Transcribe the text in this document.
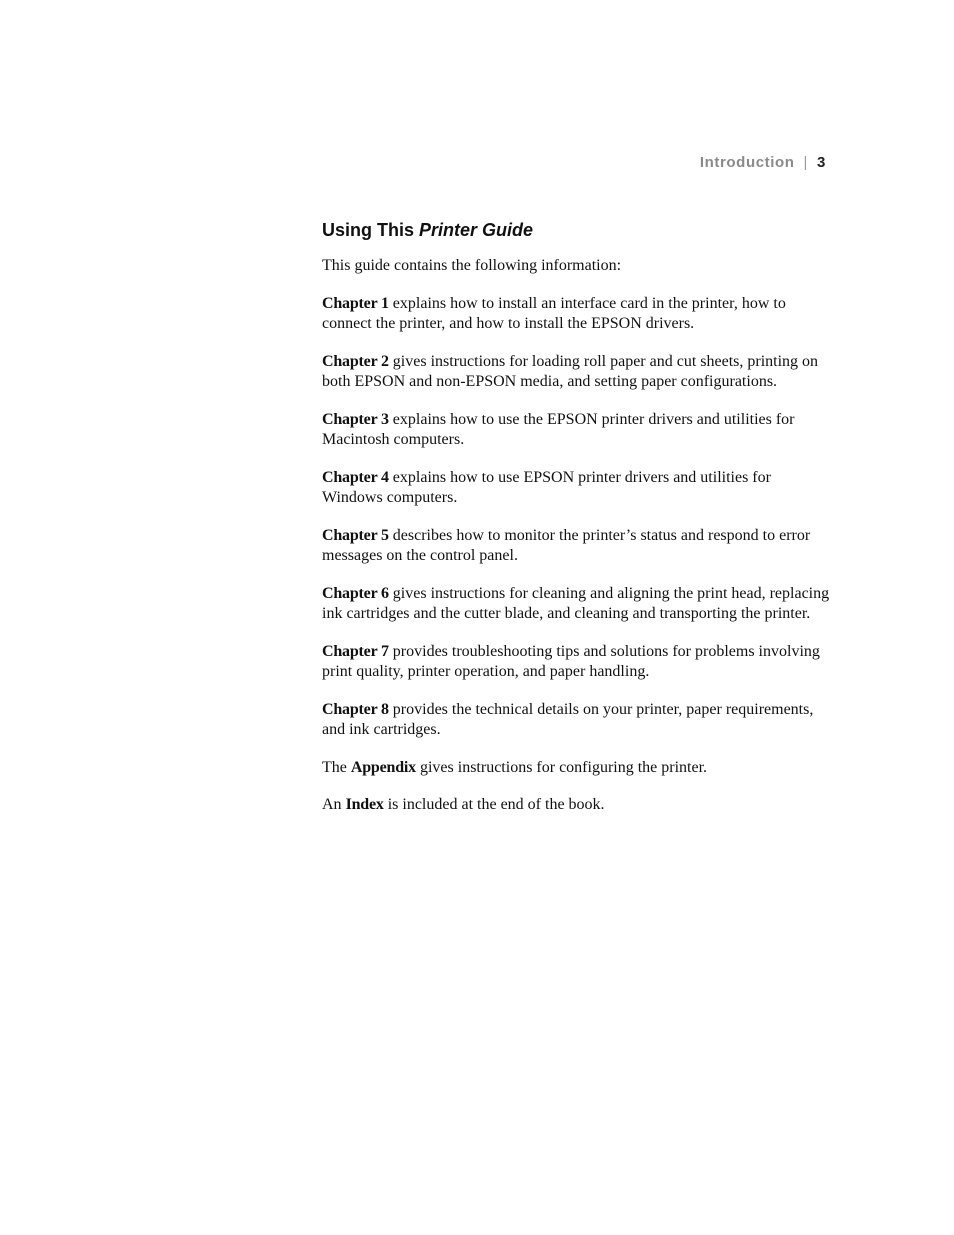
Introduction | 3
Using This Printer Guide

This guide contains the following information:

Chapter 1 explains how to install an interface card in the printer, how to connect the printer, and how to install the EPSON drivers.

Chapter 2 gives instructions for loading roll paper and cut sheets, printing on both EPSON and non-EPSON media, and setting paper configurations.

Chapter 3 explains how to use the EPSON printer drivers and utilities for Macintosh computers.

Chapter 4 explains how to use EPSON printer drivers and utilities for Windows computers.

Chapter 5 describes how to monitor the printer’s status and respond to error messages on the control panel.

Chapter 6 gives instructions for cleaning and aligning the print head, replacing ink cartridges and the cutter blade, and cleaning and transporting the printer.

Chapter 7 provides troubleshooting tips and solutions for problems involving print quality, printer operation, and paper handling.

Chapter 8 provides the technical details on your printer, paper requirements, and ink cartridges.

The Appendix gives instructions for configuring the printer.

An Index is included at the end of the book.
